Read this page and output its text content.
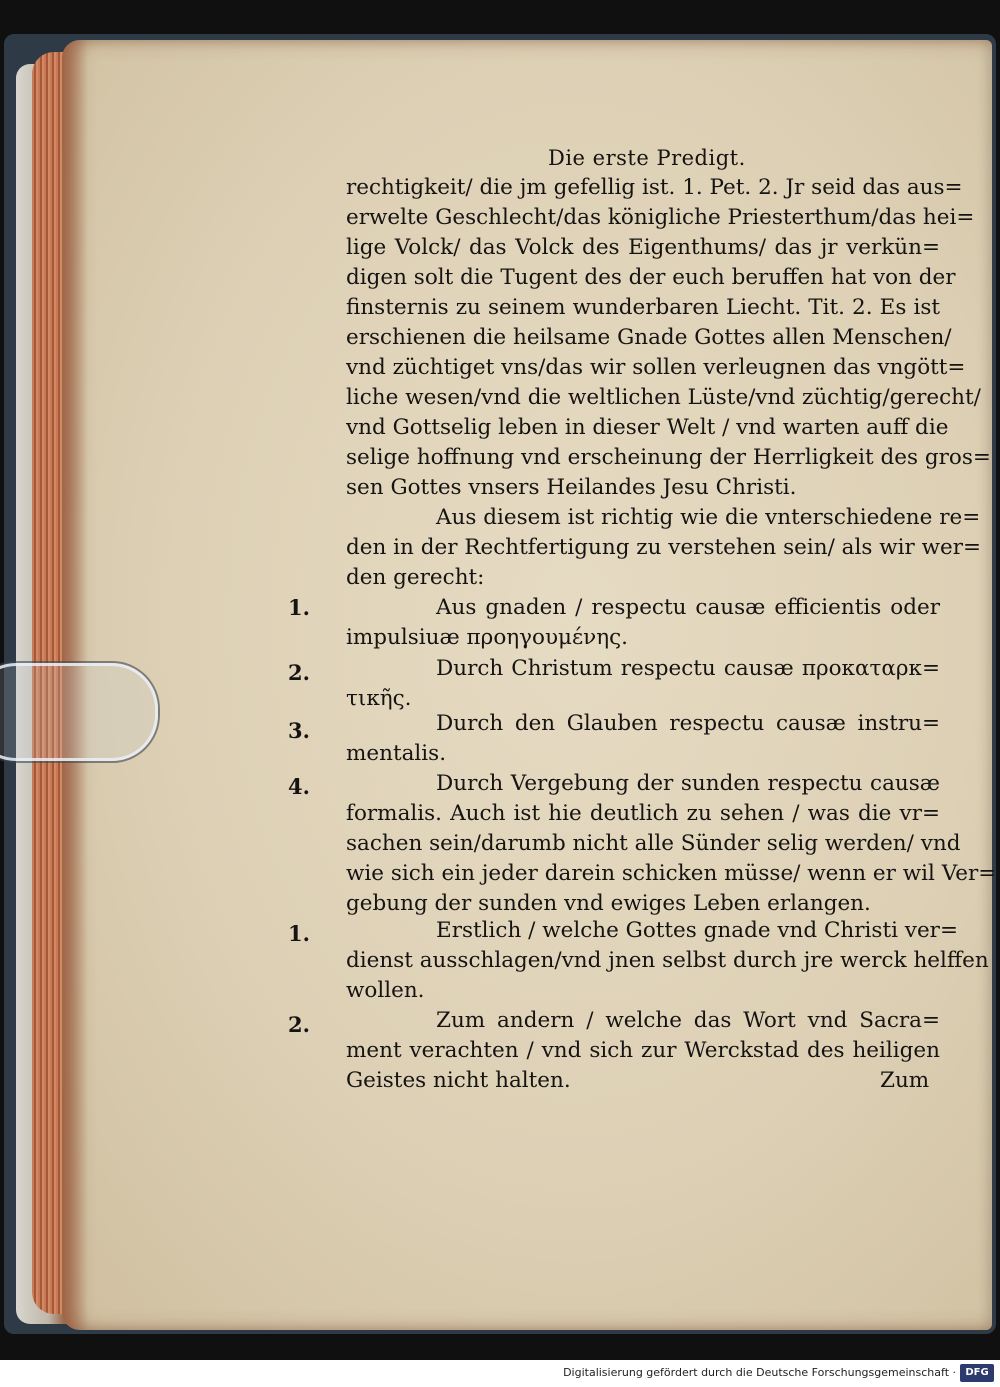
Die erste Predigt.
rechtigkeit/ die jm gefellig ist. 1. Pet. 2. Jr seid das aus=
erwelte Geschlecht/das königliche Priesterthum/das hei=
lige Volck/ das Volck des Eigenthums/ das jr verkün=
digen solt die Tugent des der euch beruffen hat von der
finsternis zu seinem wunderbaren Liecht. Tit. 2. Es ist
erschienen die heilsame Gnade Gottes allen Menschen/
vnd züchtiget vns/das wir sollen verleugnen das vngött=
liche wesen/vnd die weltlichen Lüste/vnd züchtig/gerecht/
vnd Gottselig leben in dieser Welt / vnd warten auff die
selige hoffnung vnd erscheinung der Herrligkeit des gros=
sen Gottes vnsers Heilandes Jesu Christi.
Aus diesem ist richtig wie die vnterschiedene re=
den in der Rechtfertigung zu verstehen sein/ als wir wer=
den gerecht:
1.	Aus gnaden / respectu causæ efficientis oder
impulsiuæ προηγουμένης.
2.	Durch Christum respectu causæ προκαταρκ=
τικῆς.
3.	Durch den Glauben respectu causæ instru=
mentalis.
4.	Durch Vergebung der sunden respectu causæ
formalis. Auch ist hie deutlich zu sehen / was die vr=
sachen sein/darumb nicht alle Sünder selig werden/ vnd
wie sich ein jeder darein schicken müsse/ wenn er wil Ver=
gebung der sunden vnd ewiges Leben erlangen.
1.	Erstlich / welche Gottes gnade vnd Christi ver=
dienst ausschlagen/vnd jnen selbst durch jre werck helffen
wollen.
2.	Zum andern / welche das Wort vnd Sacra=
ment verachten / vnd sich zur Werckstad des heiligen
Geistes nicht halten.	Zum
Digitalisierung gefördert durch die Deutsche Forschungsgemeinschaft · DFG
